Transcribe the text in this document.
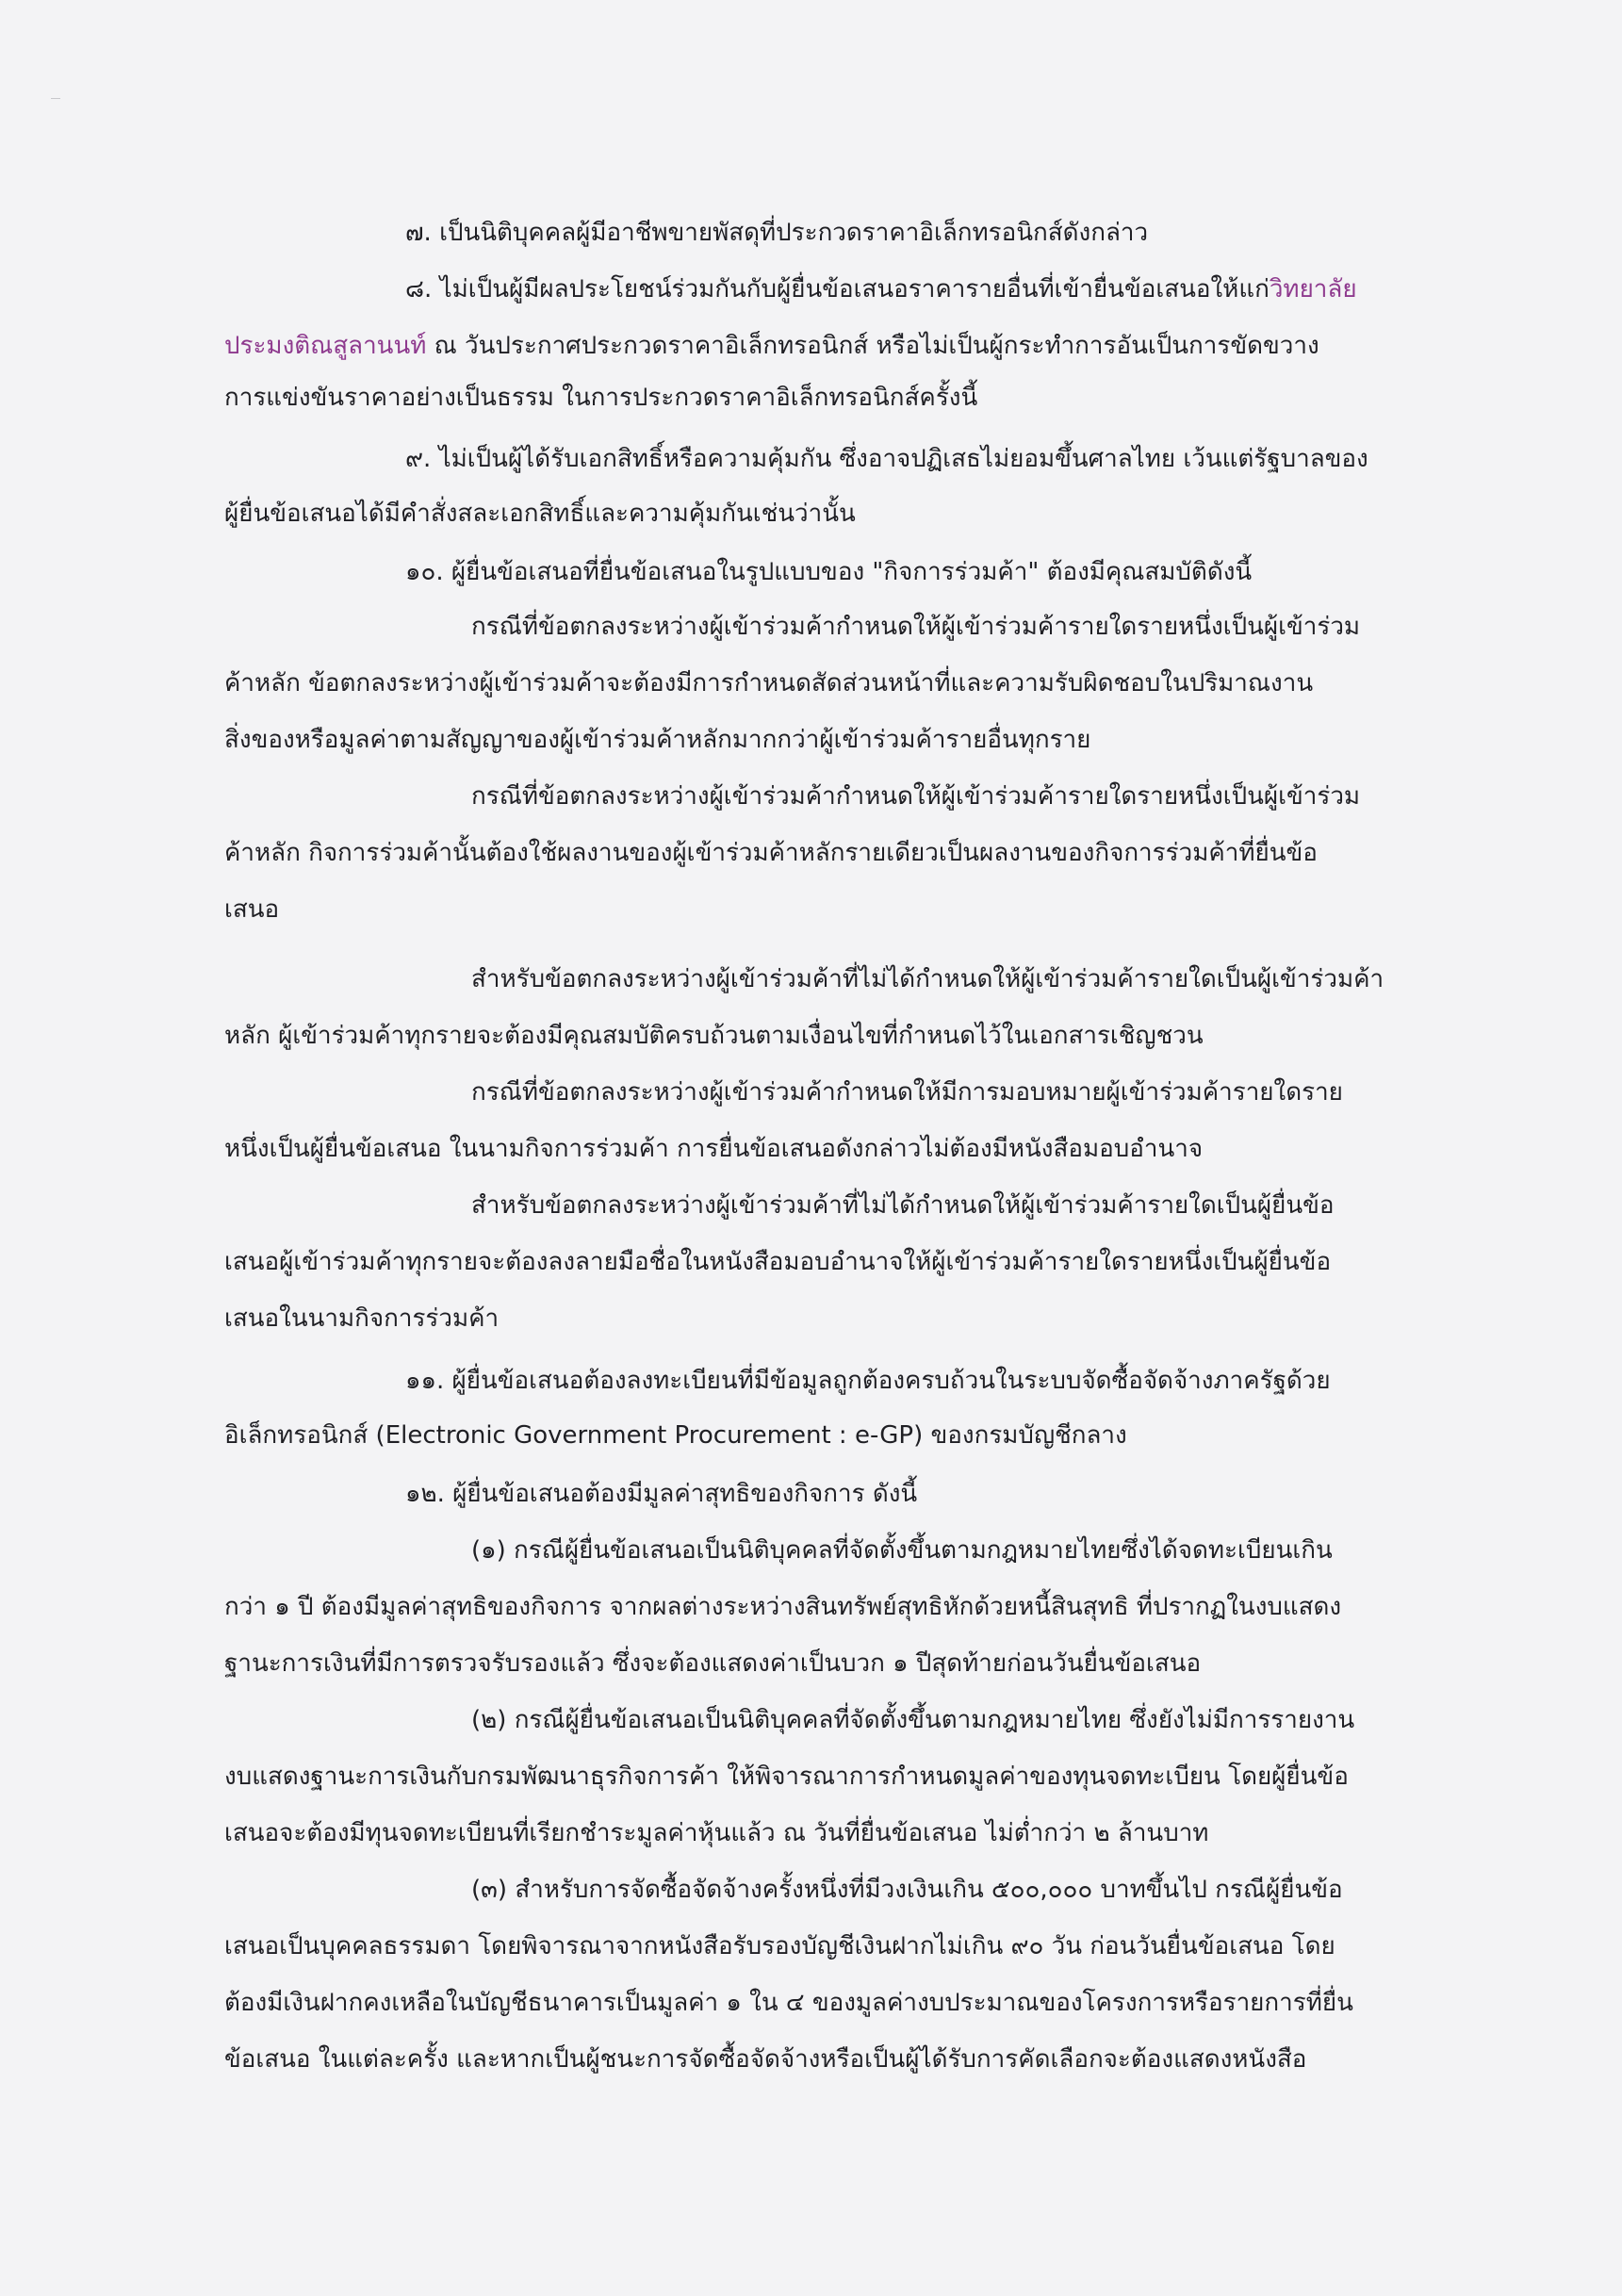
๗. เป็นนิติบุคคลผู้มีอาชีพขายพัสดุที่ประกวดราคาอิเล็กทรอนิกส์ดังกล่าว
๘. ไม่เป็นผู้มีผลประโยชน์ร่วมกันกับผู้ยื่นข้อเสนอราคารายอื่นที่เข้ายื่นข้อเสนอให้แก่วิทยาลัย
ประมงติณสูลานนท์ ณ วันประกาศประกวดราคาอิเล็กทรอนิกส์ หรือไม่เป็นผู้กระทำการอันเป็นการขัดขวาง
การแข่งขันราคาอย่างเป็นธรรม ในการประกวดราคาอิเล็กทรอนิกส์ครั้งนี้
๙. ไม่เป็นผู้ได้รับเอกสิทธิ์หรือความคุ้มกัน ซึ่งอาจปฏิเสธไม่ยอมขึ้นศาลไทย เว้นแต่รัฐบาลของ
ผู้ยื่นข้อเสนอได้มีคำสั่งสละเอกสิทธิ์และความคุ้มกันเช่นว่านั้น
๑๐. ผู้ยื่นข้อเสนอที่ยื่นข้อเสนอในรูปแบบของ "กิจการร่วมค้า" ต้องมีคุณสมบัติดังนี้
กรณีที่ข้อตกลงระหว่างผู้เข้าร่วมค้ากำหนดให้ผู้เข้าร่วมค้ารายใดรายหนึ่งเป็นผู้เข้าร่วม
ค้าหลัก ข้อตกลงระหว่างผู้เข้าร่วมค้าจะต้องมีการกำหนดสัดส่วนหน้าที่และความรับผิดชอบในปริมาณงาน
สิ่งของหรือมูลค่าตามสัญญาของผู้เข้าร่วมค้าหลักมากกว่าผู้เข้าร่วมค้ารายอื่นทุกราย
กรณีที่ข้อตกลงระหว่างผู้เข้าร่วมค้ากำหนดให้ผู้เข้าร่วมค้ารายใดรายหนึ่งเป็นผู้เข้าร่วม
ค้าหลัก กิจการร่วมค้านั้นต้องใช้ผลงานของผู้เข้าร่วมค้าหลักรายเดียวเป็นผลงานของกิจการร่วมค้าที่ยื่นข้อ
เสนอ
สำหรับข้อตกลงระหว่างผู้เข้าร่วมค้าที่ไม่ได้กำหนดให้ผู้เข้าร่วมค้ารายใดเป็นผู้เข้าร่วมค้า
หลัก ผู้เข้าร่วมค้าทุกรายจะต้องมีคุณสมบัติครบถ้วนตามเงื่อนไขที่กำหนดไว้ในเอกสารเชิญชวน
กรณีที่ข้อตกลงระหว่างผู้เข้าร่วมค้ากำหนดให้มีการมอบหมายผู้เข้าร่วมค้ารายใดราย
หนึ่งเป็นผู้ยื่นข้อเสนอ ในนามกิจการร่วมค้า การยื่นข้อเสนอดังกล่าวไม่ต้องมีหนังสือมอบอำนาจ
สำหรับข้อตกลงระหว่างผู้เข้าร่วมค้าที่ไม่ได้กำหนดให้ผู้เข้าร่วมค้ารายใดเป็นผู้ยื่นข้อ
เสนอผู้เข้าร่วมค้าทุกรายจะต้องลงลายมือชื่อในหนังสือมอบอำนาจให้ผู้เข้าร่วมค้ารายใดรายหนึ่งเป็นผู้ยื่นข้อ
เสนอในนามกิจการร่วมค้า
๑๑. ผู้ยื่นข้อเสนอต้องลงทะเบียนที่มีข้อมูลถูกต้องครบถ้วนในระบบจัดซื้อจัดจ้างภาครัฐด้วย
อิเล็กทรอนิกส์ (Electronic Government Procurement : e-GP) ของกรมบัญชีกลาง
๑๒. ผู้ยื่นข้อเสนอต้องมีมูลค่าสุทธิของกิจการ ดังนี้
(๑) กรณีผู้ยื่นข้อเสนอเป็นนิติบุคคลที่จัดตั้งขึ้นตามกฎหมายไทยซึ่งได้จดทะเบียนเกิน
กว่า ๑ ปี ต้องมีมูลค่าสุทธิของกิจการ จากผลต่างระหว่างสินทรัพย์สุทธิหักด้วยหนี้สินสุทธิ ที่ปรากฏในงบแสดง
ฐานะการเงินที่มีการตรวจรับรองแล้ว ซึ่งจะต้องแสดงค่าเป็นบวก ๑ ปีสุดท้ายก่อนวันยื่นข้อเสนอ
(๒) กรณีผู้ยื่นข้อเสนอเป็นนิติบุคคลที่จัดตั้งขึ้นตามกฎหมายไทย ซึ่งยังไม่มีการรายงาน
งบแสดงฐานะการเงินกับกรมพัฒนาธุรกิจการค้า ให้พิจารณาการกำหนดมูลค่าของทุนจดทะเบียน โดยผู้ยื่นข้อ
เสนอจะต้องมีทุนจดทะเบียนที่เรียกชำระมูลค่าหุ้นแล้ว ณ วันที่ยื่นข้อเสนอ ไม่ต่ำกว่า ๒ ล้านบาท
(๓) สำหรับการจัดซื้อจัดจ้างครั้งหนึ่งที่มีวงเงินเกิน ๕๐๐,๐๐๐ บาทขึ้นไป กรณีผู้ยื่นข้อ
เสนอเป็นบุคคลธรรมดา โดยพิจารณาจากหนังสือรับรองบัญชีเงินฝากไม่เกิน ๙๐ วัน ก่อนวันยื่นข้อเสนอ โดย
ต้องมีเงินฝากคงเหลือในบัญชีธนาคารเป็นมูลค่า ๑ ใน ๔ ของมูลค่างบประมาณของโครงการหรือรายการที่ยื่น
ข้อเสนอ ในแต่ละครั้ง และหากเป็นผู้ชนะการจัดซื้อจัดจ้างหรือเป็นผู้ได้รับการคัดเลือกจะต้องแสดงหนังสือ
